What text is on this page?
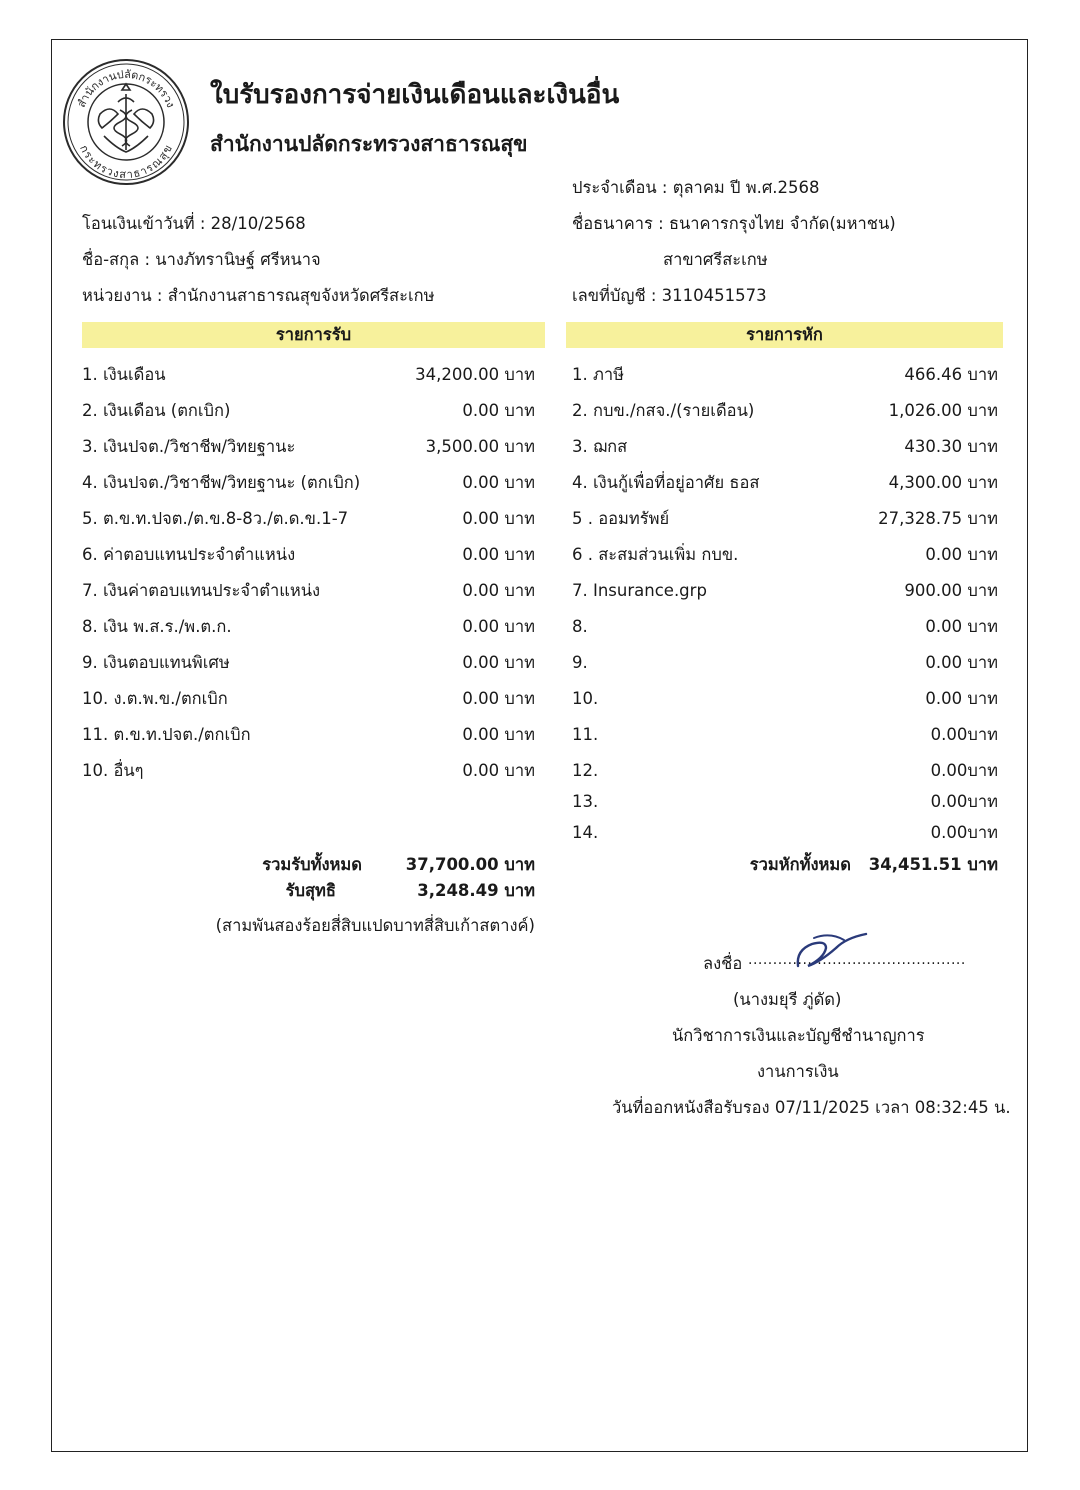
สำนักงานปลัดกระทรวง
กระทรวงสาธารณสุข
ใบรับรองการจ่ายเงินเดือนและเงินอื่น
สำนักงานปลัดกระทรวงสาธารณสุข
ประจำเดือน : ตุลาคม ปี พ.ศ.2568
โอนเงินเข้าวันที่ : 28/10/2568	ชื่อธนาคาร : ธนาคารกรุงไทย จำกัด(มหาชน)
ชื่อ-สกุล : นางภัทรานิษฐ์ ศรีหนาจ	สาขาศรีสะเกษ
หน่วยงาน : สำนักงานสาธารณสุขจังหวัดศรีสะเกษ	เลขที่บัญชี : 3110451573
รายการรับ	รายการหัก
1. เงินเดือน	34,200.00 บาท
2. เงินเดือน (ตกเบิก)	0.00 บาท
3. เงินปจต./วิชาชีพ/วิทยฐานะ	3,500.00 บาท
4. เงินปจต./วิชาชีพ/วิทยฐานะ (ตกเบิก)	0.00 บาท
5. ต.ข.ท.ปจต./ต.ข.8-8ว./ต.ด.ข.1-7	0.00 บาท
6. ค่าตอบแทนประจำตำแหน่ง	0.00 บาท
7. เงินค่าตอบแทนประจำตำแหน่ง	0.00 บาท
8. เงิน พ.ส.ร./พ.ต.ก.	0.00 บาท
9. เงินตอบแทนพิเศษ	0.00 บาท
10. ง.ต.พ.ข./ตกเบิก	0.00 บาท
11. ต.ข.ท.ปจต./ตกเบิก	0.00 บาท
10. อื่นๆ	0.00 บาท
1. ภาษี	466.46 บาท
2. กบข./กสจ./(รายเดือน)	1,026.00 บาท
3. ฌกส	430.30 บาท
4. เงินกู้เพื่อที่อยู่อาศัย ธอส	4,300.00 บาท
5 . ออมทรัพย์	27,328.75 บาท
6 . สะสมส่วนเพิ่ม กบข.	0.00 บาท
7. Insurance.grp	900.00 บาท
8.	0.00 บาท
9.	0.00 บาท
10.	0.00 บาท
11.	0.00บาท
12.	0.00บาท
13.	0.00บาท
14.	0.00บาท
รวมรับทั้งหมด	37,700.00 บาท
รับสุทธิ	3,248.49 บาท
(สามพันสองร้อยสี่สิบแปดบาทสี่สิบเก้าสตางค์)
รวมหักทั้งหมด 34,451.51 บาท
ลงชื่อ ............................................
(นางมยุรี ภู่ดัด)
นักวิชาการเงินและบัญชีชำนาญการ
งานการเงิน
วันที่ออกหนังสือรับรอง 07/11/2025 เวลา 08:32:45 น.
